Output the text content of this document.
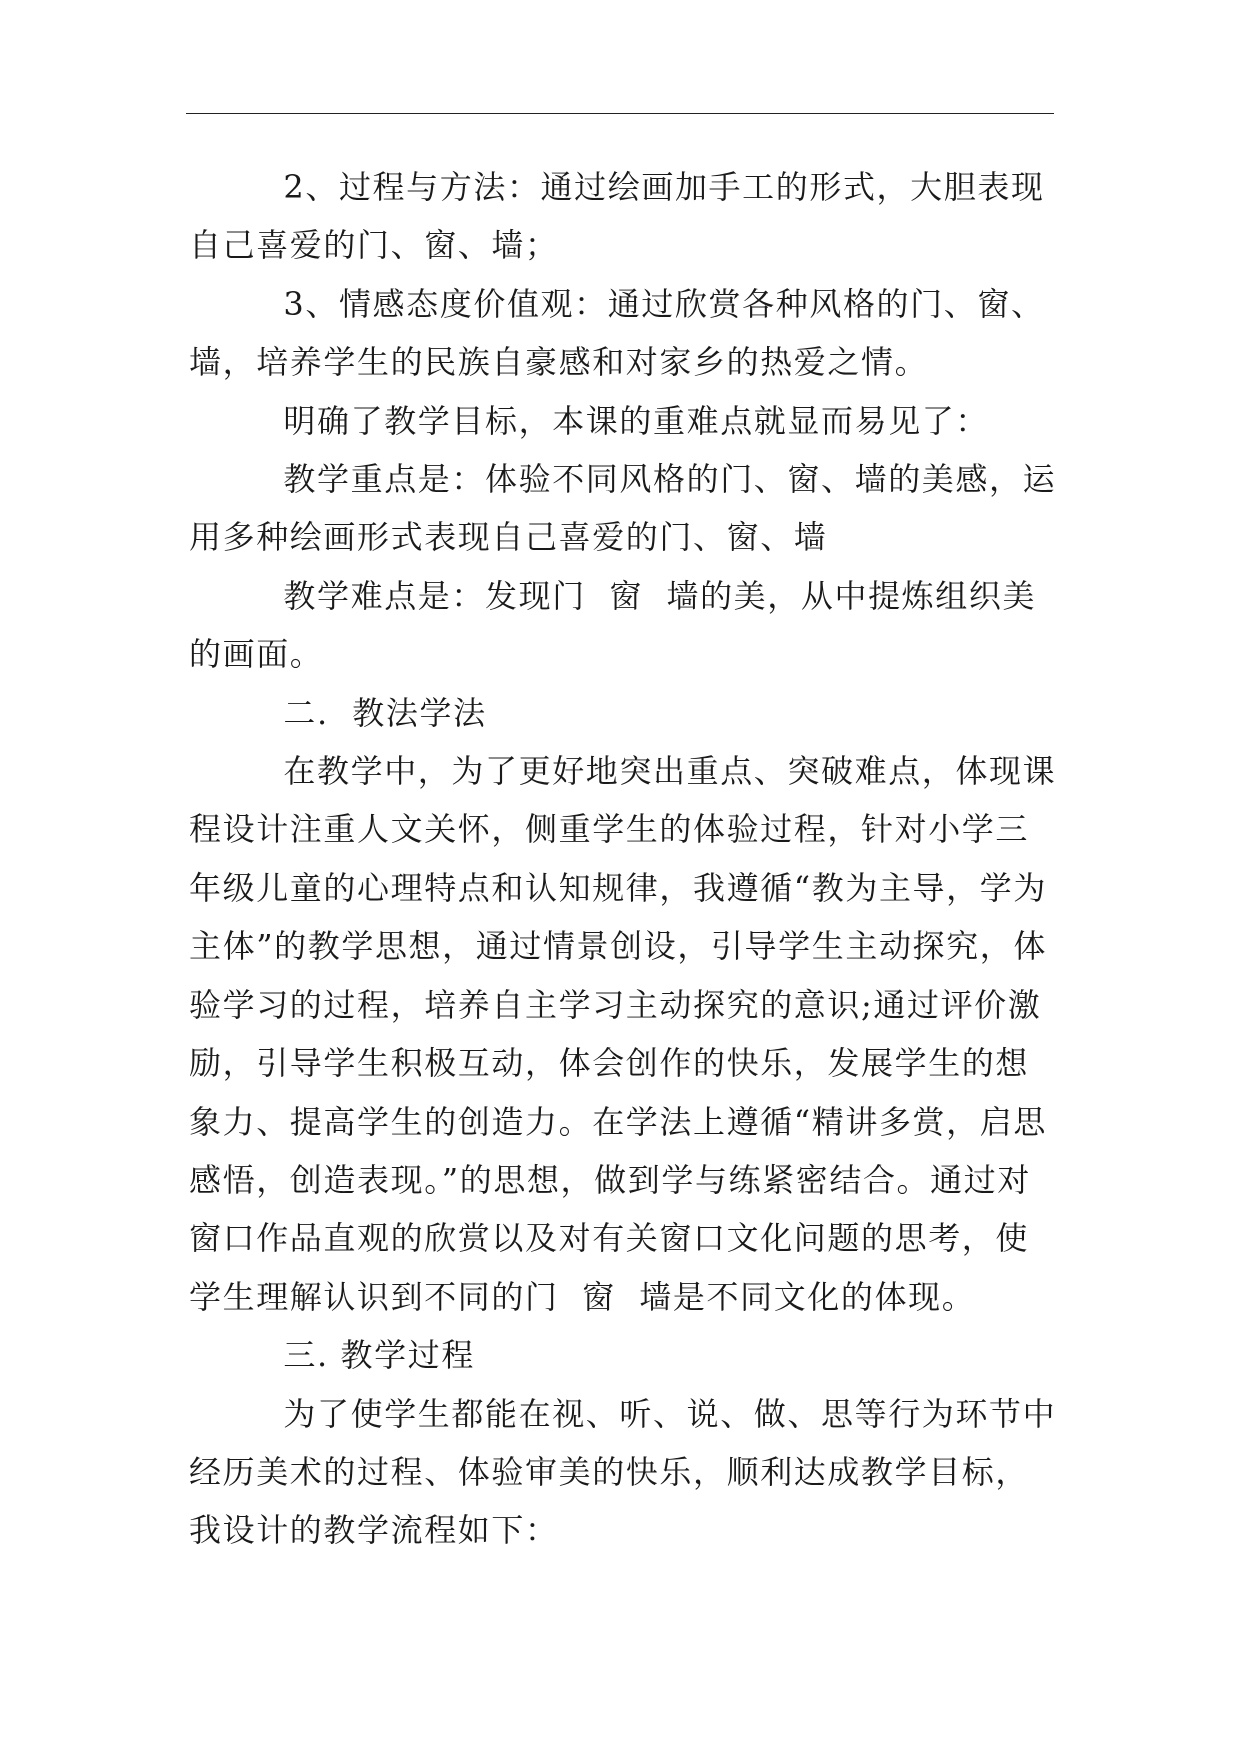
2、过程与方法：通过绘画加手工的形式，大胆表现自己喜爱的门、窗、墙；

3、情感态度价值观：通过欣赏各种风格的门、窗、墙，培养学生的民族自豪感和对家乡的热爱之情。

明确了教学目标，本课的重难点就显而易见了：

教学重点是：体验不同风格的门、窗、墙的美感，运用多种绘画形式表现自己喜爱的门、窗、墙

教学难点是：发现门  窗  墙的美，从中提炼组织美的画面。

二.  教法学法

在教学中，为了更好地突出重点、突破难点，体现课程设计注重人文关怀，侧重学生的体验过程，针对小学三年级儿童的心理特点和认知规律，我遵循“教为主导，学为主体”的教学思想，通过情景创设，引导学生主动探究，体验学习的过程，培养自主学习主动探究的意识;通过评价激励，引导学生积极互动，体会创作的快乐，发展学生的想象力、提高学生的创造力。在学法上遵循“精讲多赏，启思感悟，创造表现。”的思想，做到学与练紧密结合。通过对窗口作品直观的欣赏以及对有关窗口文化问题的思考，使学生理解认识到不同的门  窗  墙是不同文化的体现。

三. 教学过程

为了使学生都能在视、听、说、做、思等行为环节中经历美术的过程、体验审美的快乐，顺利达成教学目标，我设计的教学流程如下：
